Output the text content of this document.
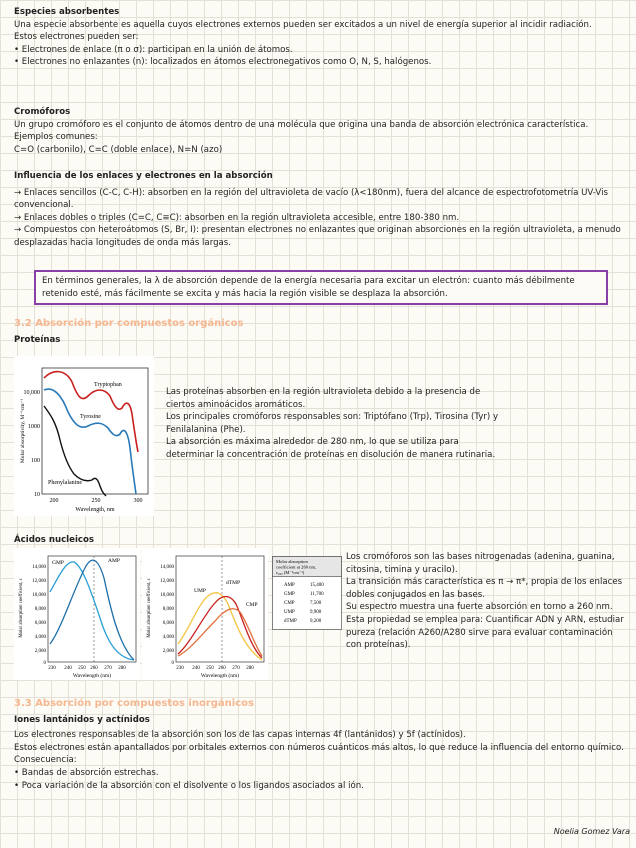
Especies absorbentes
Una especie absorbente es aquella cuyos electrones externos pueden ser excitados a un nivel de energía superior al incidir radiación.
Estos electrones pueden ser:
• Electrones de enlace (π o σ): participan en la unión de átomos.
• Electrones no enlazantes (n): localizados en átomos electronegativos como O, N, S, halógenos.
Cromóforos
Un grupo cromóforo es el conjunto de átomos dentro de una molécula que origina una banda de absorción electrónica característica.
Ejemplos comunes:
C=O (carbonilo), C=C (doble enlace), N=N (azo)
Influencia de los enlaces y electrones en la absorción
→ Enlaces sencillos (C-C, C-H): absorben en la región del ultravioleta de vacío (λ<180nm), fuera del alcance de espectrofotometría UV-Vis convencional.
→ Enlaces dobles o triples (C=C, C≡C): absorben en la región ultravioleta accesible, entre 180-380 nm.
→ Compuestos con heteroátomos (S, Br, I): presentan electrones no enlazantes que originan absorciones en la región ultravioleta, a menudo desplazadas hacia longitudes de onda más largas.
En términos generales, la λ de absorción depende de la energía necesaria para excitar un electrón: cuanto más débilmente retenido esté, más fácilmente se excita y más hacia la región visible se desplaza la absorción.
3.2 Absorción por compuestos orgánicos
Proteínas
10,000
1000
100
10
200	250	300
Wavelength, nm
Molar absorptivity, M⁻¹cm⁻¹
Tryptophan
Tyrosine
Phenylalanine
Las proteínas absorben en la región ultravioleta debido a la presencia de ciertos aminoácidos aromáticos.
Los principales cromóforos responsables son: Triptófano (Trp), Tirosina (Tyr) y Fenilalanina (Phe).
La absorción es máxima alrededor de 280 nm, lo que se utiliza para determinar la concentración de proteínas en disolución de manera rutinaria.
Ácidos nucleicos
14,000
12,000
10,000
8,000
6,000
4,000
2,000
0
230 240 250 260 270 280
Wavelength (nm)
Molar absorption coefficient, ε
GMP	AMP
14,000
12,000
10,000
8,000
6,000
4,000
2,000
0
230 240 250 260 270 280
Wavelength (nm)
Molar absorption coefficient, ε	dTMP
UMP
CMP
Molar absorption
coefficient at 260 nm,
ε₂₆₀ (M⁻¹cm⁻¹)
AMP	15,400
GMP	11,700
CMP	7,500
UMP	9,900
dTMP	9,200
Los cromóforos son las bases nitrogenadas (adenina, guanina, citosina, timina y uracilo).
La transición más característica es π → π*, propia de los enlaces dobles conjugados en las bases.
Su espectro muestra una fuerte absorción en torno a 260 nm.
Esta propiedad se emplea para: Cuantificar ADN y ARN, estudiar pureza (relación A260/A280 sirve para evaluar contaminación con proteínas).
3.3 Absorción por compuestos inorgánicos
Iones lantánidos y actínidos
Los electrones responsables de la absorción son los de las capas internas 4f (lantánidos) y 5f (actínidos).
Estos electrones están apantallados por orbitales externos con números cuánticos más altos, lo que reduce la influencia del entorno químico.
Consecuencia:
• Bandas de absorción estrechas.
• Poca variación de la absorción con el disolvente o los ligandos asociados al ión.
Noelia Gomez Vara
